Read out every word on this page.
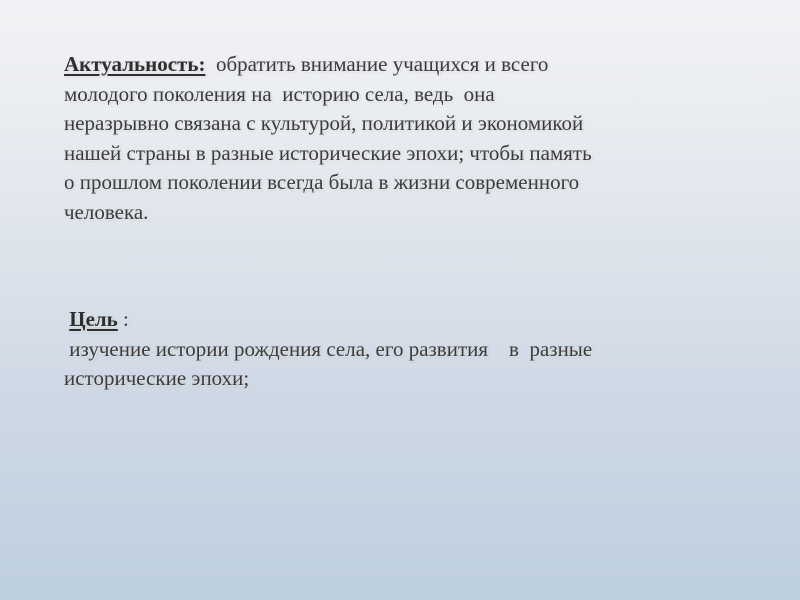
Актуальность:  обратить внимание учащихся и всего
молодого поколения на  историю села, ведь  она
неразрывно связана с культурой, политикой и экономикой
нашей страны в разные исторические эпохи; чтобы память
о прошлом поколении всегда была в жизни современного
человека.
Цель :
изучение истории рождения села, его развития    в  разные
исторические эпохи;
